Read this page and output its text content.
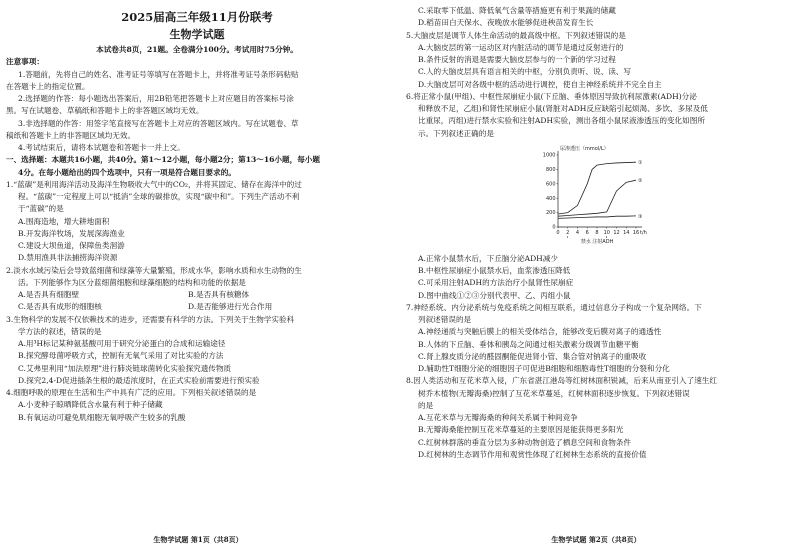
2025届高三年级11月份联考
生物学试题
本试卷共8页，21题。全卷满分100分。考试用时75分钟。
注意事项：
1.答题前，先将自己的姓名、准考证号等填写在答题卡上，并将准考证号条形码粘贴
在答题卡上的指定位置。
2.选择题的作答：每小题选出答案后，用2B铅笔把答题卡上对应题目的答案标号涂
黑。写在试题卷、草稿纸和答题卡上的非答题区域均无效。
3.非选择题的作答：用签字笔直接写在答题卡上对应的答题区域内。写在试题卷、草
稿纸和答题卡上的非答题区域均无效。
4.考试结束后，请将本试题卷和答题卡一并上交。
一、选择题：本题共16小题，共40分。第1～12小题，每小题2分；第13～16小题，每小题
4分。在每小题给出的四个选项中，只有一项是符合题目要求的。
1.“蓝碳”是利用海洋活动及海洋生物吸收大气中的CO₂，并将其固定、储存在海洋中的过
程。“蓝碳”一定程度上可以“抵消”全球的碳排放，实现“碳中和”。下列生产活动不利
于“蓝碳”的是
A.围海造地，增大耕地面积
B.开发海洋牧场，发展深海渔业
C.建设大坝鱼道，保障鱼类洄游
D.禁用渔具非法捕捞海洋资源
2.淡水水域污染后会导致蓝细菌和绿藻等大量繁殖，形成水华，影响水质和水生动物的生
活。下列能够作为区分蓝细菌细胞和绿藻细胞的结构和功能的依据是
A.是否具有细胞壁	B.是否具有核糖体
C.是否具有成形的细胞核	D.是否能够进行光合作用
3.生物科学的发展不仅依赖技术的进步，还需要有科学的方法。下列关于生物学实验科
学方法的叙述，错误的是
A.用³H标记某种氨基酸可用于研究分泌蛋白的合成和运输途径
B.探究酵母菌呼吸方式，控制有无氧气采用了对比实验的方法
C.艾弗里利用“加法原理”进行肺炎链球菌转化实验探究遗传物质
D.探究2,4-D促进插条生根的最适浓度时，在正式实验前需要进行预实验
4.细胞呼吸的原理在生活和生产中具有广泛的应用。下列相关叙述错误的是
A.小麦种子晾晒降低含水量有利于种子储藏
B.有氧运动可避免肌细胞无氧呼吸产生较多的乳酸
生物学试题 第1页（共8页）
C.采取零下低温、降低氧气含量等措施更有利于果蔬的储藏
D.稻苗田白天保水、夜晚放水能够促进秧苗发育生长
5.大脑皮层是调节人体生命活动的最高级中枢。下列叙述错误的是
A.大脑皮层的第一运动区对内脏活动的调节是通过反射进行的
B.条件反射的消退是需要大脑皮层参与的一个新的学习过程
C.人的大脑皮层具有语言相关的中枢，分别负责听、说、读、写
D.大脑皮层可对各级中枢的活动进行调控，使自主神经系统并不完全自主
6.将正常小鼠(甲组)、中枢性尿崩症小鼠(下丘脑、垂体原因导致抗利尿激素(ADH)分泌
和释放不足，乙组)和肾性尿崩症小鼠(肾脏对ADH反应缺陷引起烦渴、多饮、多尿及低
比重尿，丙组)进行禁水实验和注射ADH实验，测出各组小鼠尿液渗透压的变化如图所
示。下列叙述正确的是
尿渗透压（mmol/L）
0
200
400
600
800
1000
0 2 4 6 8 10 12 14 16 t/h
禁水 注射ADH
①
②
③
A.正常小鼠禁水后，下丘脑分泌ADH减少
B.中枢性尿崩症小鼠禁水后，血浆渗透压降低
C.可采用注射ADH的方法治疗小鼠肾性尿崩症
D.图中曲线①②③分别代表甲、乙、丙组小鼠
7.神经系统、内分泌系统与免疫系统之间相互联系，通过信息分子构成一个复杂网络。下
列叙述错误的是
A.神经递质与突触后膜上的相关受体结合，能够改变后膜对离子的通透性
B.人体的下丘脑、垂体和胰岛之间通过相关激素分级调节血糖平衡
C.肾上腺皮质分泌的醛固酮能促进肾小管、集合管对钠离子的重吸收
D.辅助性T细胞分泌的细胞因子可促进B细胞和细胞毒性T细胞的分裂和分化
8.因人类活动和互花米草入侵，广东省湛江港岛等红树林面积锐减，后来从南亚引入了速生红
树乔木植物(无瓣海桑)控制了互花米草蔓延，红树林面积逐步恢复。下列叙述错误
的是
A.互花米草与无瓣海桑的种间关系属于种间竞争
B.无瓣海桑能控制互花米草蔓延的主要原因是能获得更多阳光
C.红树林群落的垂直分层为多种动物创造了栖息空间和食物条件
D.红树林的生态调节作用和观赏性体现了红树林生态系统的直接价值
生物学试题 第2页（共8页）
